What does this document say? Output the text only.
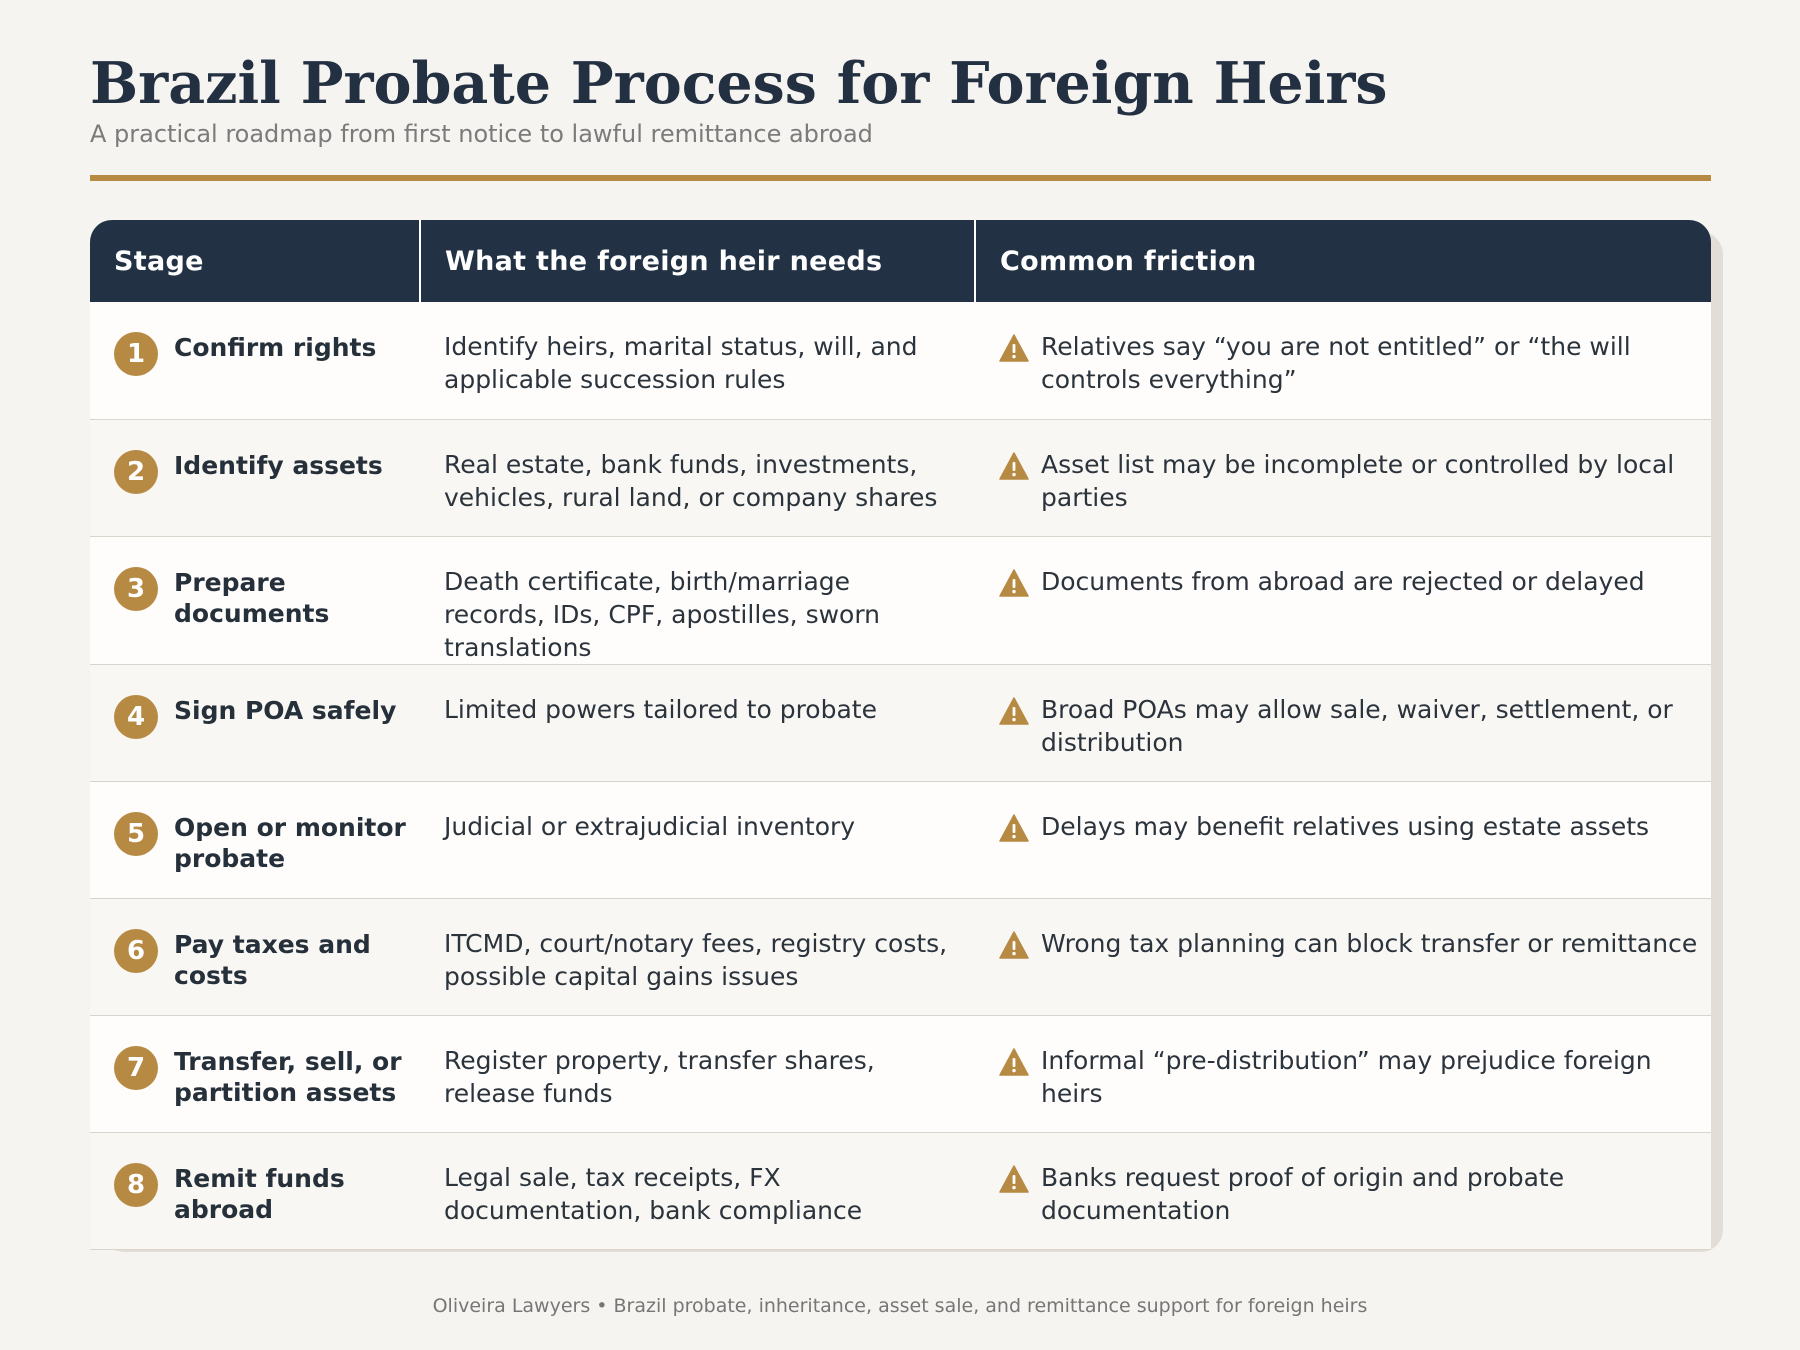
Brazil Probate Process for Foreign Heirs

A practical roadmap from first notice to lawful remittance abroad

Stage	What the foreign heir needs	Common friction

1 Confirm rights	Identify heirs, marital status, will, and applicable succession rules	Relatives say “you are not entitled” or “the will controls everything”

2 Identify assets	Real estate, bank funds, investments, vehicles, rural land, or company shares	Asset list may be incomplete or controlled by local parties

3 Prepare documents	Death certificate, birth/marriage records, IDs, CPF, apostilles, sworn translations	Documents from abroad are rejected or delayed

4 Sign POA safely	Limited powers tailored to probate	Broad POAs may allow sale, waiver, settlement, or distribution

5 Open or monitor probate	Judicial or extrajudicial inventory	Delays may benefit relatives using estate assets

6 Pay taxes and costs	ITCMD, court/notary fees, registry costs, possible capital gains issues	Wrong tax planning can block transfer or remittance

7 Transfer, sell, or partition assets	Register property, transfer shares, release funds	Informal “pre-distribution” may prejudice foreign heirs

8 Remit funds abroad	Legal sale, tax receipts, FX documentation, bank compliance	Banks request proof of origin and probate documentation

Oliveira Lawyers • Brazil probate, inheritance, asset sale, and remittance support for foreign heirs
